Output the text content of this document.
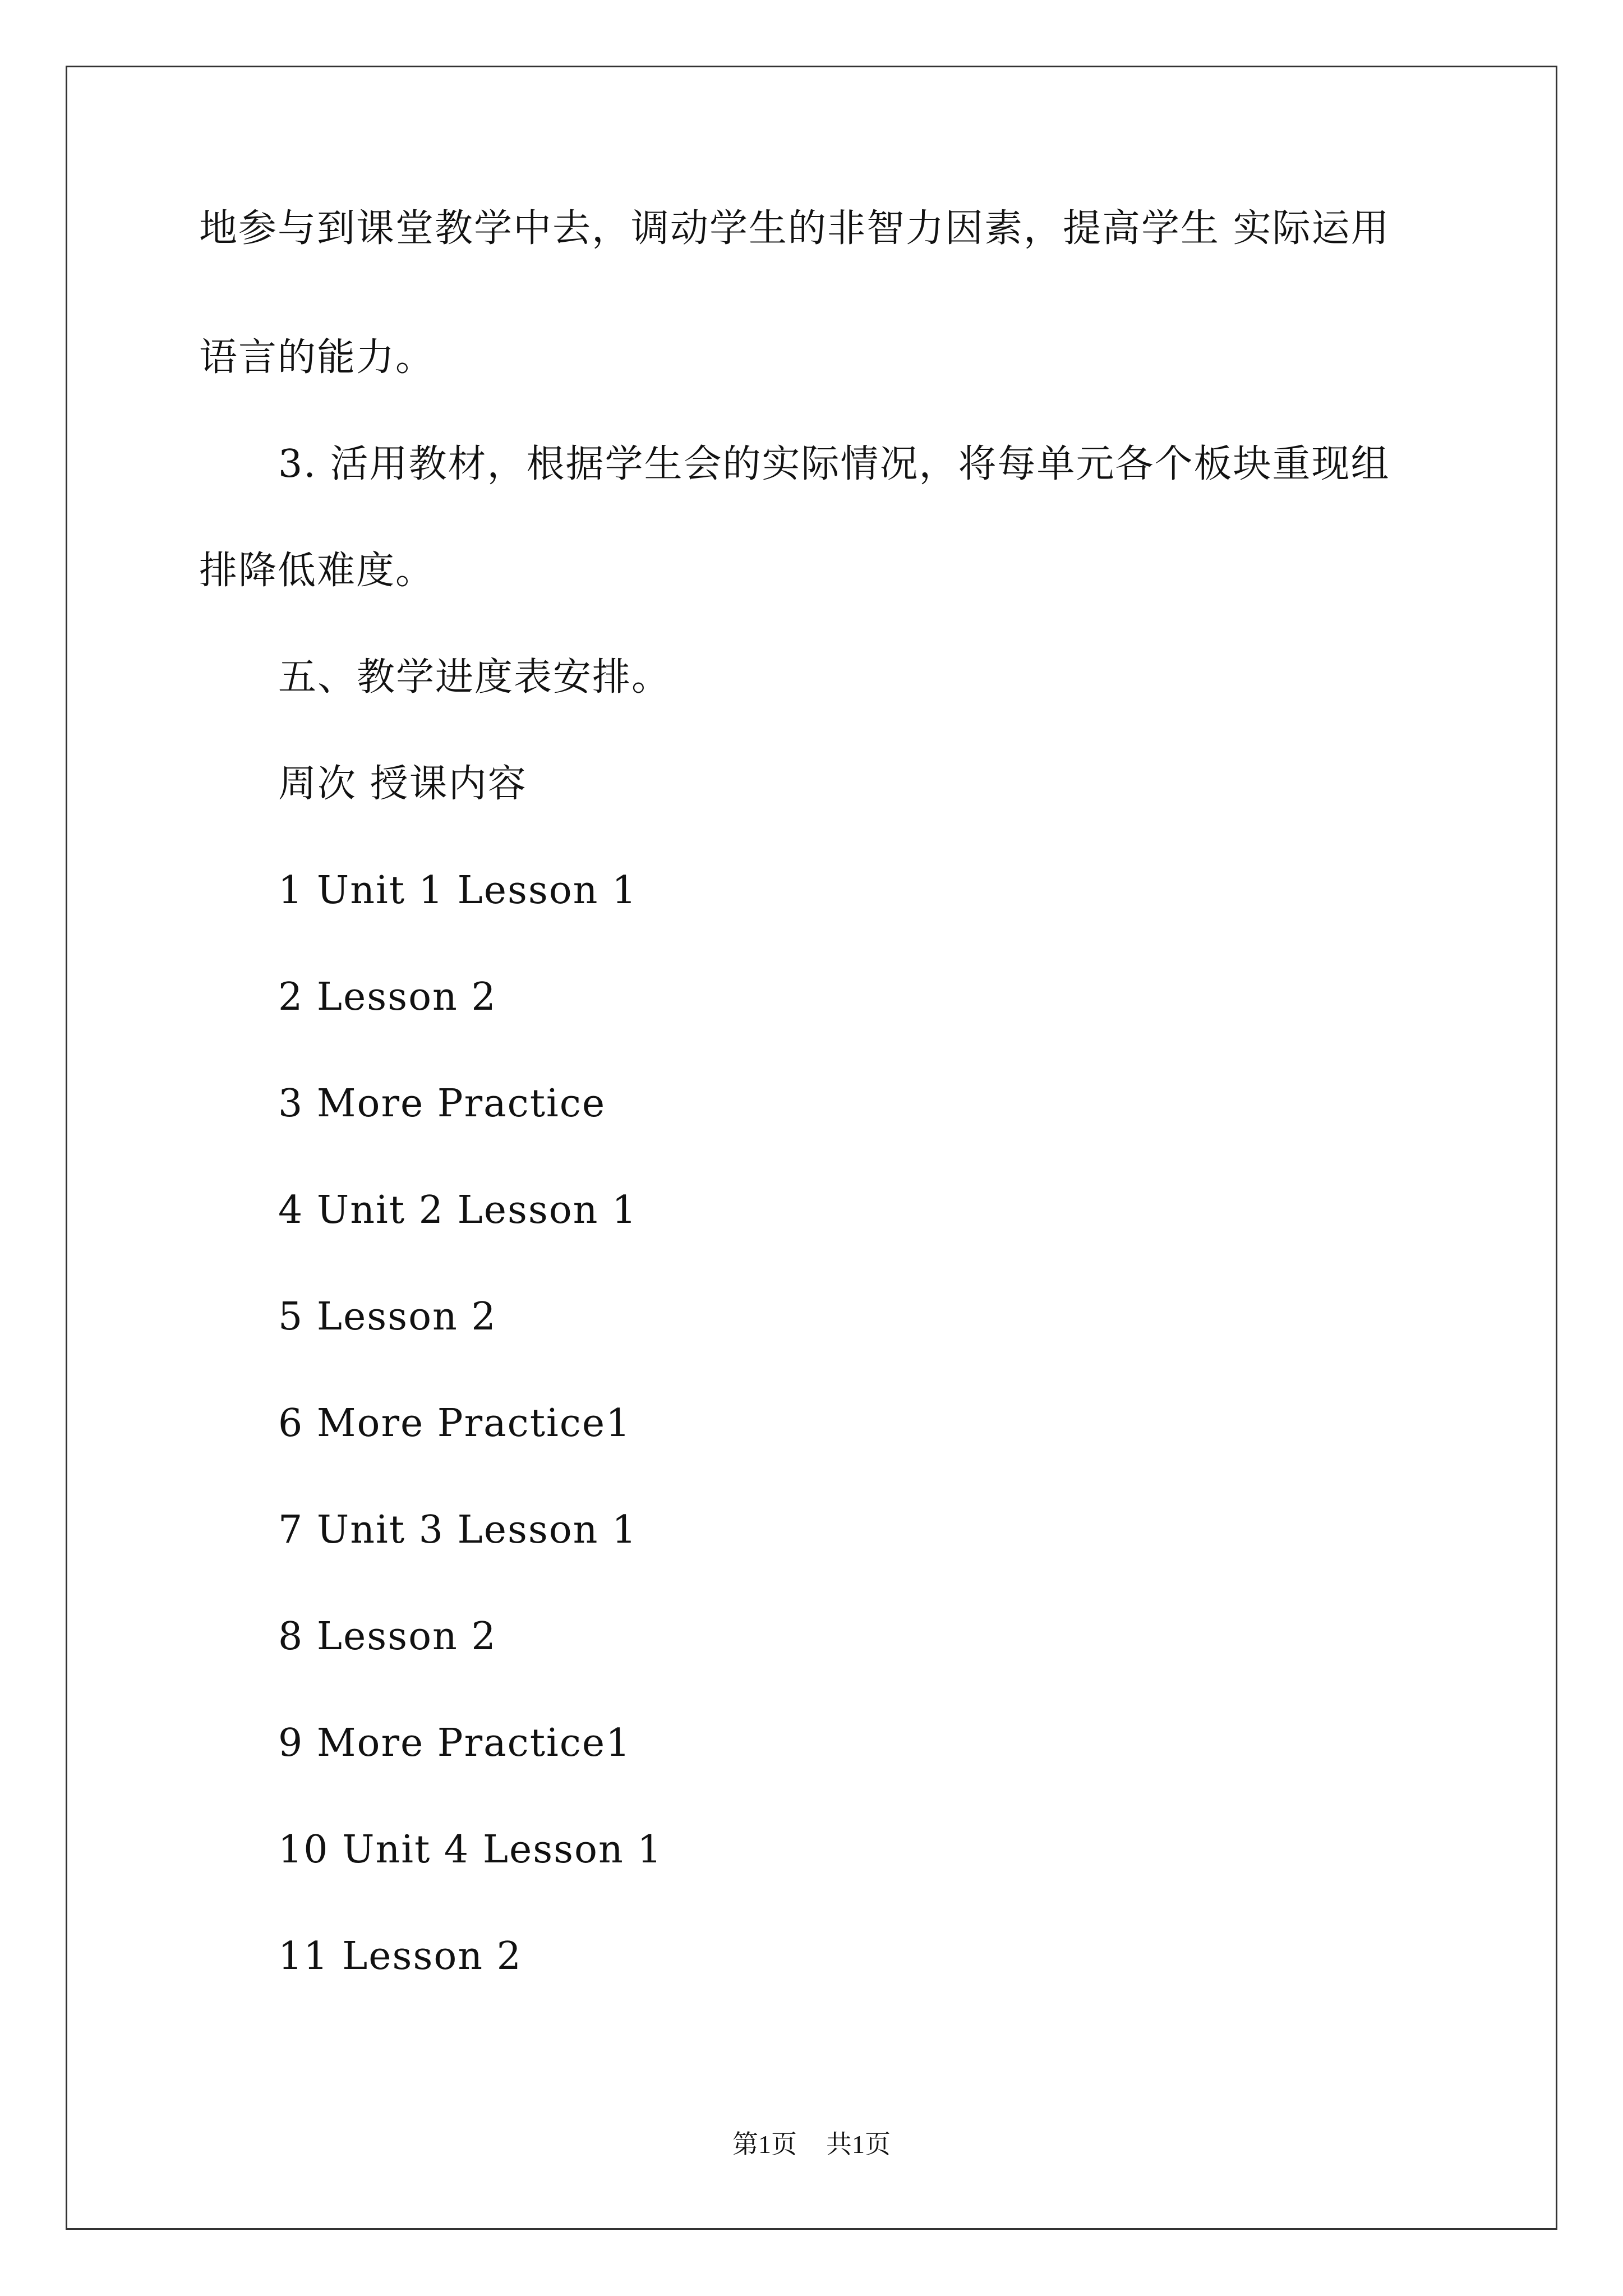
地参与到课堂教学中去，调动学生的非智力因素，提高学生 实际运用

语言的能力。

3. 活用教材，根据学生会的实际情况，将每单元各个板块重现组

排降低难度。

五、教学进度表安排。

周次 授课内容

1 Unit 1 Lesson 1

2 Lesson 2

3 More Practice

4 Unit 2 Lesson 1

5 Lesson 2

6 More Practice1

7 Unit 3 Lesson 1

8 Lesson 2

9 More Practice1

10 Unit 4 Lesson 1

11 Lesson 2

第1页 共1页
